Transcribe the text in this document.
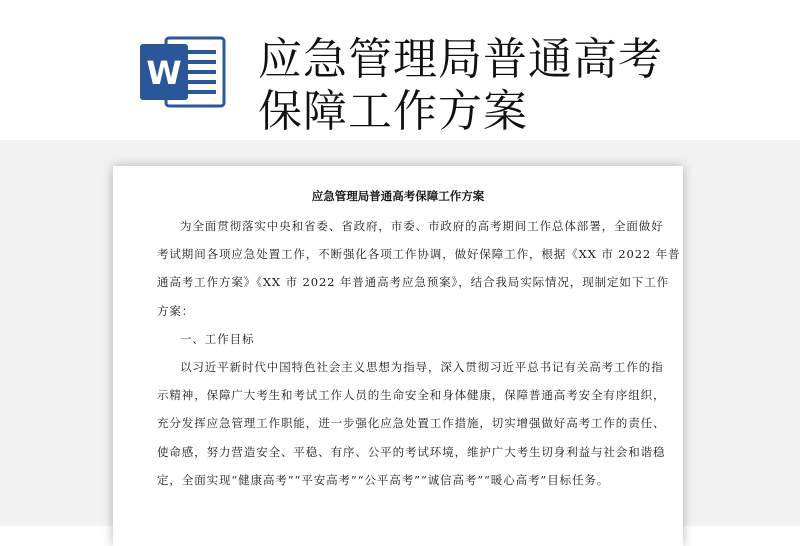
W 应急管理局普通高考
保障工作方案
应急管理局普通高考保障工作方案
为全面贯彻落实中央和省委、省政府，市委、市政府的高考期间工作总体部署，全面做好
考试期间各项应急处置工作，不断强化各项工作协调，做好保障工作，根据《XX 市 2022 年普
通高考工作方案》《XX 市 2022 年普通高考应急预案》，结合我局实际情况，现制定如下工作
方案：
一、工作目标
以习近平新时代中国特色社会主义思想为指导，深入贯彻习近平总书记有关高考工作的指
示精神，保障广大考生和考试工作人员的生命安全和身体健康，保障普通高考安全有序组织，
充分发挥应急管理工作职能，进一步强化应急处置工作措施，切实增强做好高考工作的责任、
使命感，努力营造安全、平稳、有序、公平的考试环境，维护广大考生切身利益与社会和谐稳
定，全面实现“健康高考”“平安高考”“公平高考”“诚信高考”“暖心高考”目标任务。
